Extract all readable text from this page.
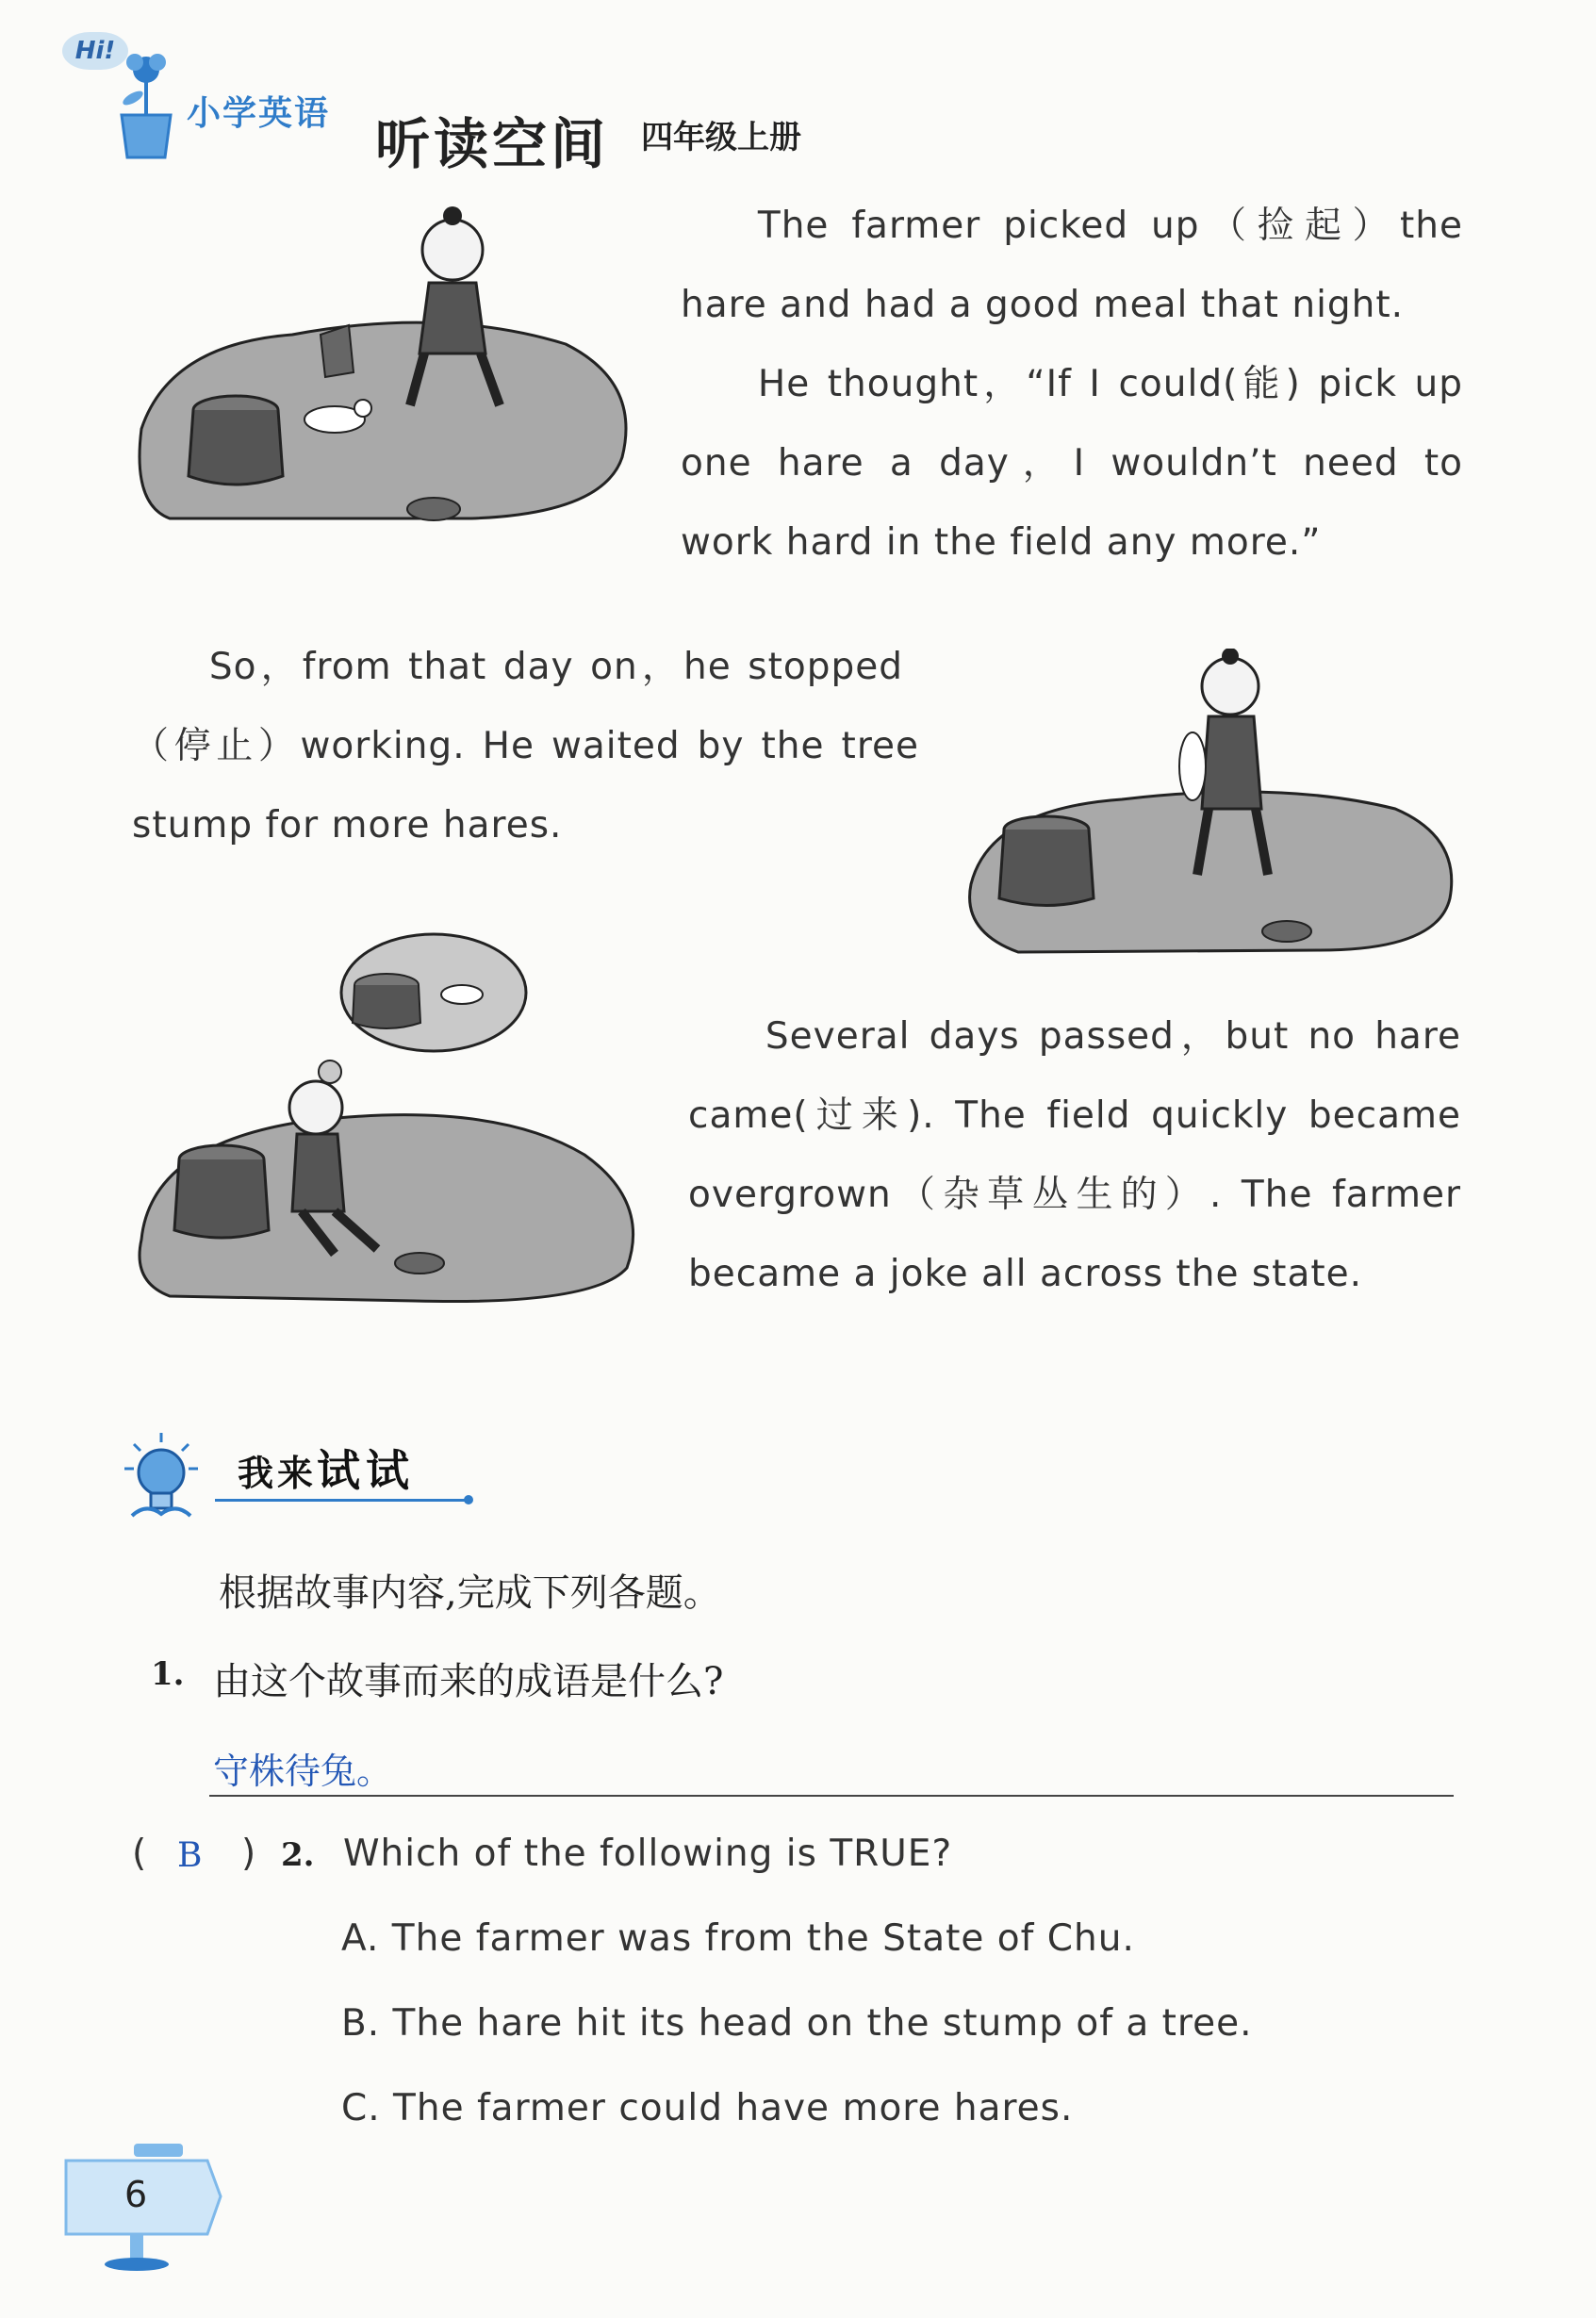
Hi!
小学英语 听读空间 四年级上册

The farmer picked up（捡起）the

hare and had a good meal that night.

He thought，“If I could(能) pick up

one hare a day，I wouldn’t need to

work hard in the field any more.”

So，from that day on，he stopped

（停止）working. He waited by the tree

stump for more hares.

Several days passed，but no hare

came(过来). The field quickly became

overgrown（杂草丛生的）. The farmer

became a joke all across the state.

我来试试
根据故事内容,完成下列各题。
1. 由这个故事而来的成语是什么?
守株待兔。
( B ) 2. Which of the following is TRUE?
A. The farmer was from the State of Chu.
B. The hare hit its head on the stump of a tree.
C. The farmer could have more hares.
6
